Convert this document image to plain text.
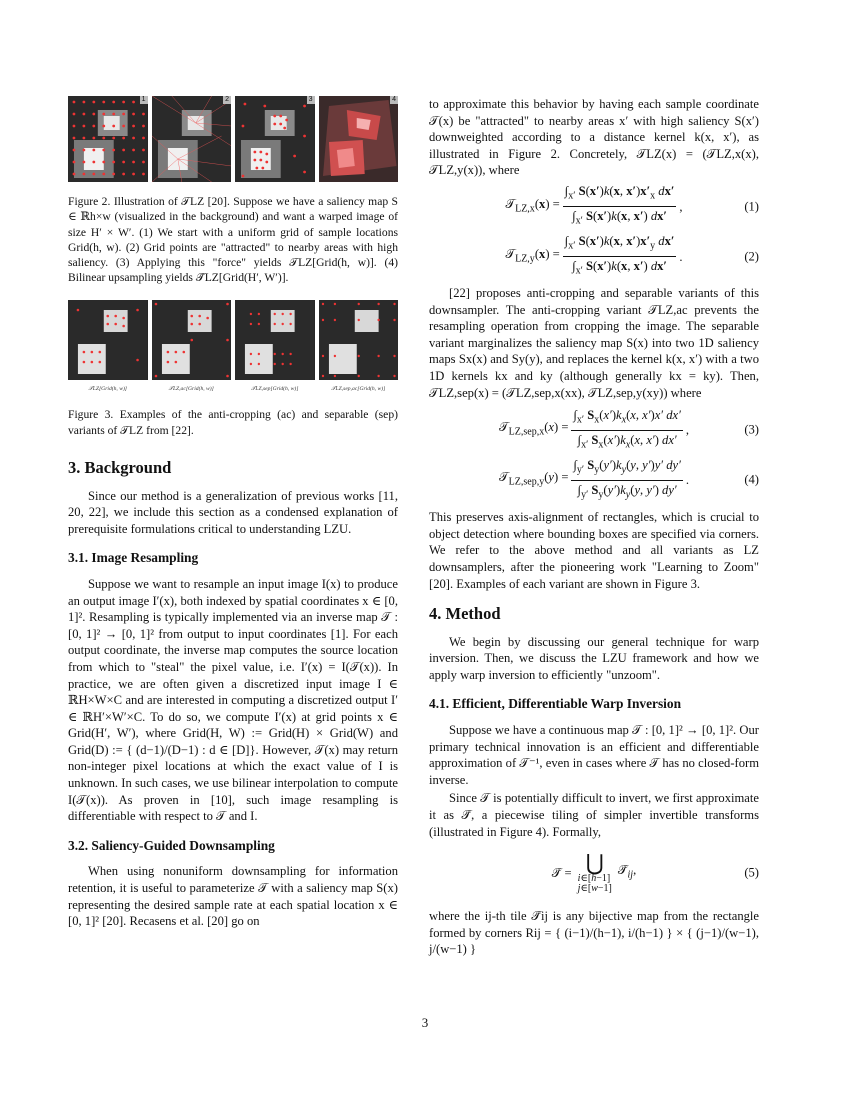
1	2	3	4

Figure 2. Illustration of 𝒯LZ [20]. Suppose we have a saliency map S ∈ ℝh×w (visualized in the background) and want a warped image of size H′ × W′. (1) We start with a uniform grid of sample locations Grid(h, w). (2) Grid points are "attracted" to nearby areas with high saliency. (3) Applying this "force" yields 𝒯LZ[Grid(h, w)]. (4) Bilinear upsampling yields 𝒯̃LZ[Grid(H′, W′)].

𝒯LZ[Grid(h, w)]	𝒯LZ,ac[Grid(h, w)]	𝒯LZ,sep[Grid(h, w)]	𝒯LZ,sep,ac[Grid(h, w)]

Figure 3. Examples of the anti-cropping (ac) and separable (sep) variants of 𝒯LZ from [22].

3. Background

Since our method is a generalization of previous works [11, 20, 22], we include this section as a condensed explanation of prerequisite formulations critical to understanding LZU.

3.1. Image Resampling

Suppose we want to resample an input image I(x) to produce an output image I′(x), both indexed by spatial coordinates x ∈ [0, 1]². Resampling is typically implemented via an inverse map 𝒯 : [0, 1]² → [0, 1]² from output to input coordinates [1]. For each output coordinate, the inverse map computes the source location from which to "steal" the pixel value, i.e. I′(x) = I(𝒯(x)). In practice, we are often given a discretized input image I ∈ ℝH×W×C and are interested in computing a discretized output I′ ∈ ℝH′×W′×C. To do so, we compute I′(x) at grid points x ∈ Grid(H′, W′), where Grid(H, W) := Grid(H) × Grid(W) and Grid(D) := { (d−1)/(D−1) : d ∈ [D]}. However, 𝒯(x) may return non-integer pixel locations at which the exact value of I is unknown. In such cases, we use bilinear interpolation to compute I(𝒯(x)). As proven in [10], such image resampling is differentiable with respect to 𝒯 and I.

3.2. Saliency-Guided Downsampling

When using nonuniform downsampling for information retention, it is useful to parameterize 𝒯 with a saliency map S(x) representing the desired sample rate at each spatial location x ∈ [0, 1]² [20]. Recasens et al. [20] go on

to approximate this behavior by having each sample coordinate 𝒯(x) be "attracted" to nearby areas x′ with high saliency S(x′) downweighted according to a distance kernel k(x, x′), as illustrated in Figure 2. Concretely, 𝒯LZ(x) = (𝒯LZ,x(x), 𝒯LZ,y(x)), where

𝒯$_{LZ,x}$(x) = $\frac{\int_{x'} S(x')k(x, x')x'_x dx'}{\int_{x'} S(x')k(x, x') dx'}$ ,	(1)
𝒯$_{LZ,y}$(x) = $\frac{\int_{x'} S(x')k(x, x')x'_y dx'}{\int_{x'} S(x')k(x, x') dx'}$ .	(2)

[22] proposes anti-cropping and separable variants of this downsampler. The anti-cropping variant 𝒯LZ,ac prevents the resampling operation from cropping the image. The separable variant marginalizes the saliency map S(x) into two 1D saliency maps Sx(x) and Sy(y), and replaces the kernel k(x, x′) with a two 1D kernels kx and ky (although generally kx = ky). Then, 𝒯LZ,sep(x) = (𝒯LZ,sep,x(xx), 𝒯LZ,sep,y(xy)) where

𝒯$_{LZ,sep,x}$(x) = $\frac{\int_{x'} S_x(x')k_x(x, x')x' dx'}{\int_{x'} S_x(x')k_x(x, x') dx'}$ ,	(3)
𝒯$_{LZ,sep,y}$(y) = $\frac{\int_{y'} S_y(y')k_y(y, y')y' dy'}{\int_{y'} S_y(y')k_y(y, y') dy'}$ .	(4)

This preserves axis-alignment of rectangles, which is crucial to object detection where bounding boxes are specified via corners. We refer to the above method and all variants as LZ downsamplers, after the pioneering work "Learning to Zoom" [20]. Examples of each variant are shown in Figure 3.

4. Method

We begin by discussing our general technique for warp inversion. Then, we discuss the LZU framework and how we apply warp inversion to efficiently "unzoom".

4.1. Efficient, Differentiable Warp Inversion

Suppose we have a continuous map 𝒯 : [0, 1]² → [0, 1]². Our primary technical innovation is an efficient and differentiable approximation of 𝒯⁻¹, even in cases where 𝒯 has no closed-form inverse.

Since 𝒯 is potentially difficult to invert, we first approximate it as 𝒯̃, a piecewise tiling of simpler invertible transforms (illustrated in Figure 4). Formally,

𝒯̃ = ⋃
i∈[h−1]
j∈[w−1]
$𝒯̃_{ij}$,	(5)

where the ij-th tile 𝒯̃ij is any bijective map from the rectangle formed by corners Rij = { (i−1)/(h−1), i/(h−1) } × { (j−1)/(w−1), j/(w−1) }

3
